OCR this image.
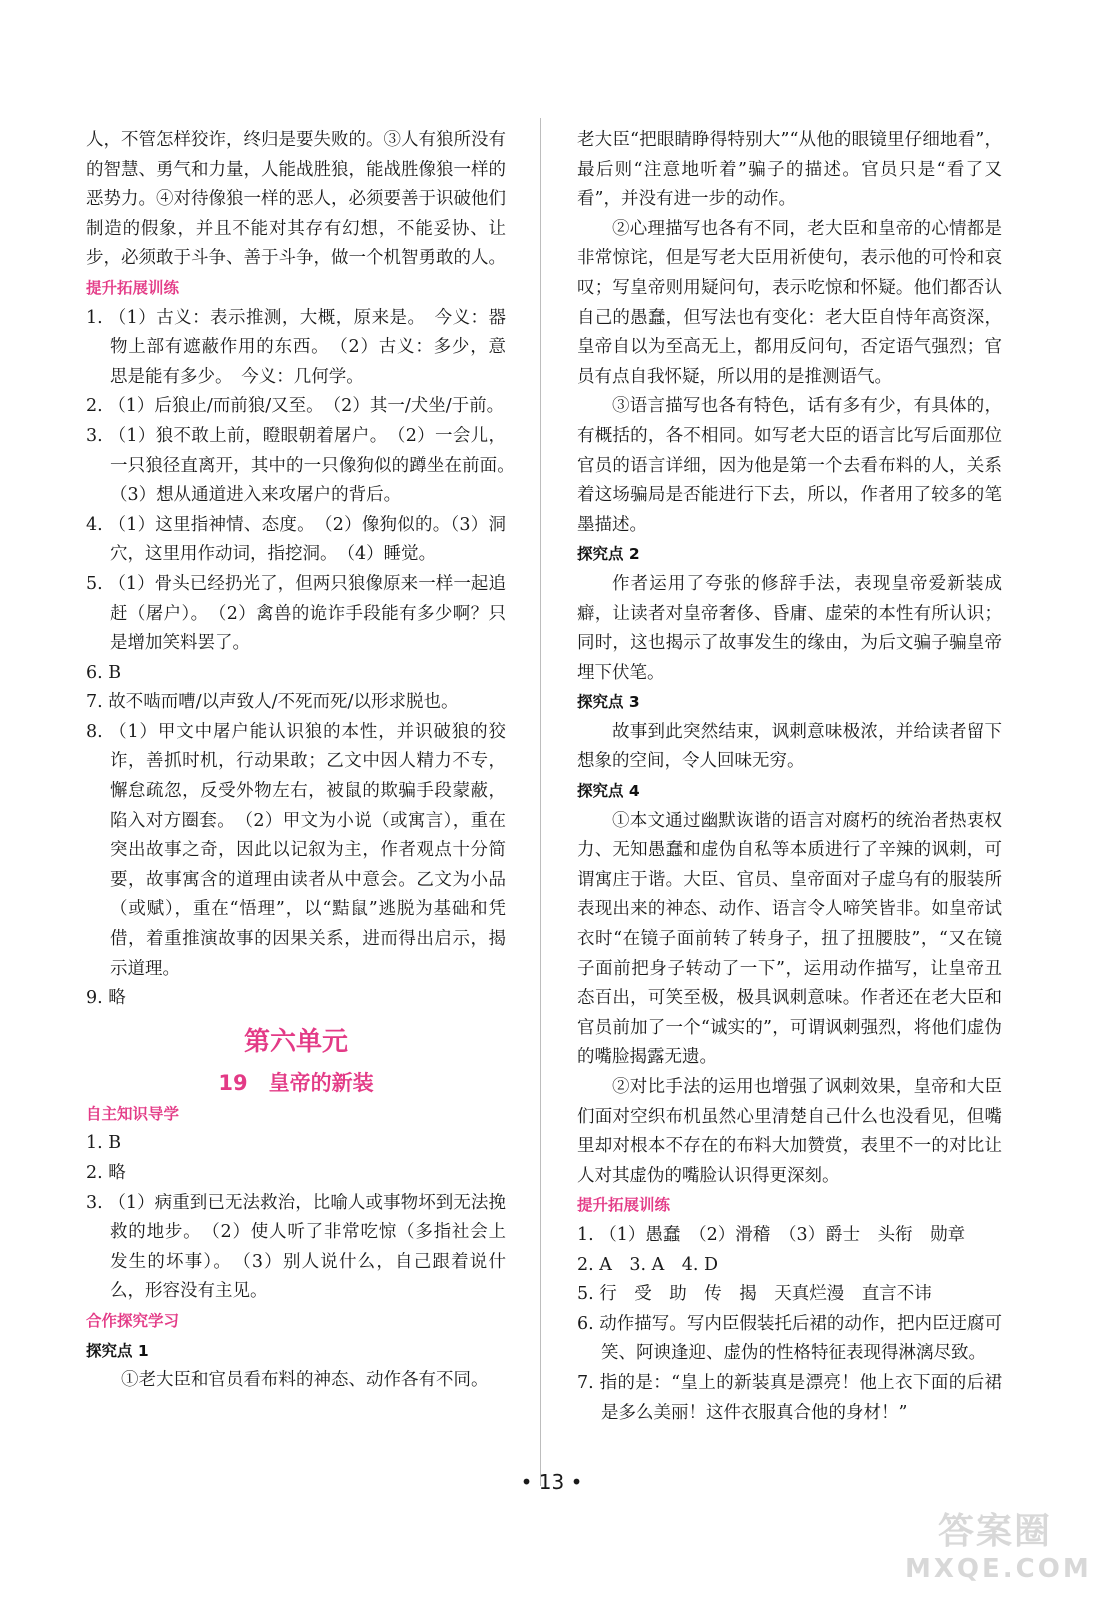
人，不管怎样狡诈，终归是要失败的。③人有狼所没有的智慧、勇气和力量，人能战胜狼，能战胜像狼一样的恶势力。④对待像狼一样的恶人，必须要善于识破他们制造的假象，并且不能对其存有幻想，不能妥协、让步，必须敢于斗争、善于斗争，做一个机智勇敢的人。

提升拓展训练

1. （1）古义：表示推测，大概，原来是。　今义：器物上部有遮蔽作用的东西。　（2）古义：多少，意思是能有多少。　今义：几何学。

2. （1）后狼止/而前狼/又至。　（2）其一/犬坐/于前。

3. （1）狼不敢上前，瞪眼朝着屠户。　（2）一会儿，一只狼径直离开，其中的一只像狗似的蹲坐在前面。　（3）想从通道进入来攻屠户的背后。

4. （1）这里指神情、态度。　（2）像狗似的。（3）洞穴，这里用作动词，指挖洞。　（4）睡觉。

5. （1）骨头已经扔光了，但两只狼像原来一样一起追赶（屠户）。　（2）禽兽的诡诈手段能有多少啊？只是增加笑料罢了。

6. B

7. 故不啮而嘈/以声致人/不死而死/以形求脱也。

8. （1）甲文中屠户能认识狼的本性，并识破狼的狡诈，善抓时机，行动果敢；乙文中因人精力不专，懈怠疏忽，反受外物左右，被鼠的欺骗手段蒙蔽，陷入对方圈套。　（2）甲文为小说（或寓言），重在突出故事之奇，因此以记叙为主，作者观点十分简要，故事寓含的道理由读者从中意会。乙文为小品（或赋），重在“悟理”，以“黠鼠”逃脱为基础和凭借，着重推演故事的因果关系，进而得出启示，揭示道理。

9. 略

第六单元
19　皇帝的新装

自主知识导学

1. B

2. 略

3. （1）病重到已无法救治，比喻人或事物坏到无法挽救的地步。　（2）使人听了非常吃惊（多指社会上发生的坏事）。　（3）别人说什么，自己跟着说什么，形容没有主见。

合作探究学习

探究点 1

①老大臣和官员看布料的神态、动作各有不同。

老大臣“把眼睛睁得特别大”“从他的眼镜里仔细地看”，最后则“注意地听着”骗子的描述。官员只是“看了又看”，并没有进一步的动作。

②心理描写也各有不同，老大臣和皇帝的心情都是非常惊诧，但是写老大臣用祈使句，表示他的可怜和哀叹；写皇帝则用疑问句，表示吃惊和怀疑。他们都否认自己的愚蠢，但写法也有变化：老大臣自恃年高资深，皇帝自以为至高无上，都用反问句，否定语气强烈；官员有点自我怀疑，所以用的是推测语气。

③语言描写也各有特色，话有多有少，有具体的，有概括的，各不相同。如写老大臣的语言比写后面那位官员的语言详细，因为他是第一个去看布料的人，关系着这场骗局是否能进行下去，所以，作者用了较多的笔墨描述。

探究点 2

作者运用了夸张的修辞手法，表现皇帝爱新装成癖，让读者对皇帝奢侈、昏庸、虚荣的本性有所认识；同时，这也揭示了故事发生的缘由，为后文骗子骗皇帝埋下伏笔。

探究点 3

故事到此突然结束，讽刺意味极浓，并给读者留下想象的空间，令人回味无穷。

探究点 4

①本文通过幽默诙谐的语言对腐朽的统治者热衷权力、无知愚蠢和虚伪自私等本质进行了辛辣的讽刺，可谓寓庄于谐。大臣、官员、皇帝面对子虚乌有的服装所表现出来的神态、动作、语言令人啼笑皆非。如皇帝试衣时“在镜子面前转了转身子，扭了扭腰肢”，“又在镜子面前把身子转动了一下”，运用动作描写，让皇帝丑态百出，可笑至极，极具讽刺意味。作者还在老大臣和官员前加了一个“诚实的”，可谓讽刺强烈，将他们虚伪的嘴脸揭露无遗。

②对比手法的运用也增强了讽刺效果，皇帝和大臣们面对空织布机虽然心里清楚自己什么也没看见，但嘴里却对根本不存在的布料大加赞赏，表里不一的对比让人对其虚伪的嘴脸认识得更深刻。

提升拓展训练

1. （1）愚蠢　（2）滑稽　（3）爵士　头衔　勋章

2. A　3. A　4. D

5. 行　受　助　传　揭　天真烂漫　直言不讳

6. 动作描写。写内臣假装托后裙的动作，把内臣迂腐可笑、阿谀逢迎、虚伪的性格特征表现得淋漓尽致。

7. 指的是：“皇上的新装真是漂亮！他上衣下面的后裙是多么美丽！这件衣服真合他的身材！”

• 13 •
答案圈
MXQE.COM
